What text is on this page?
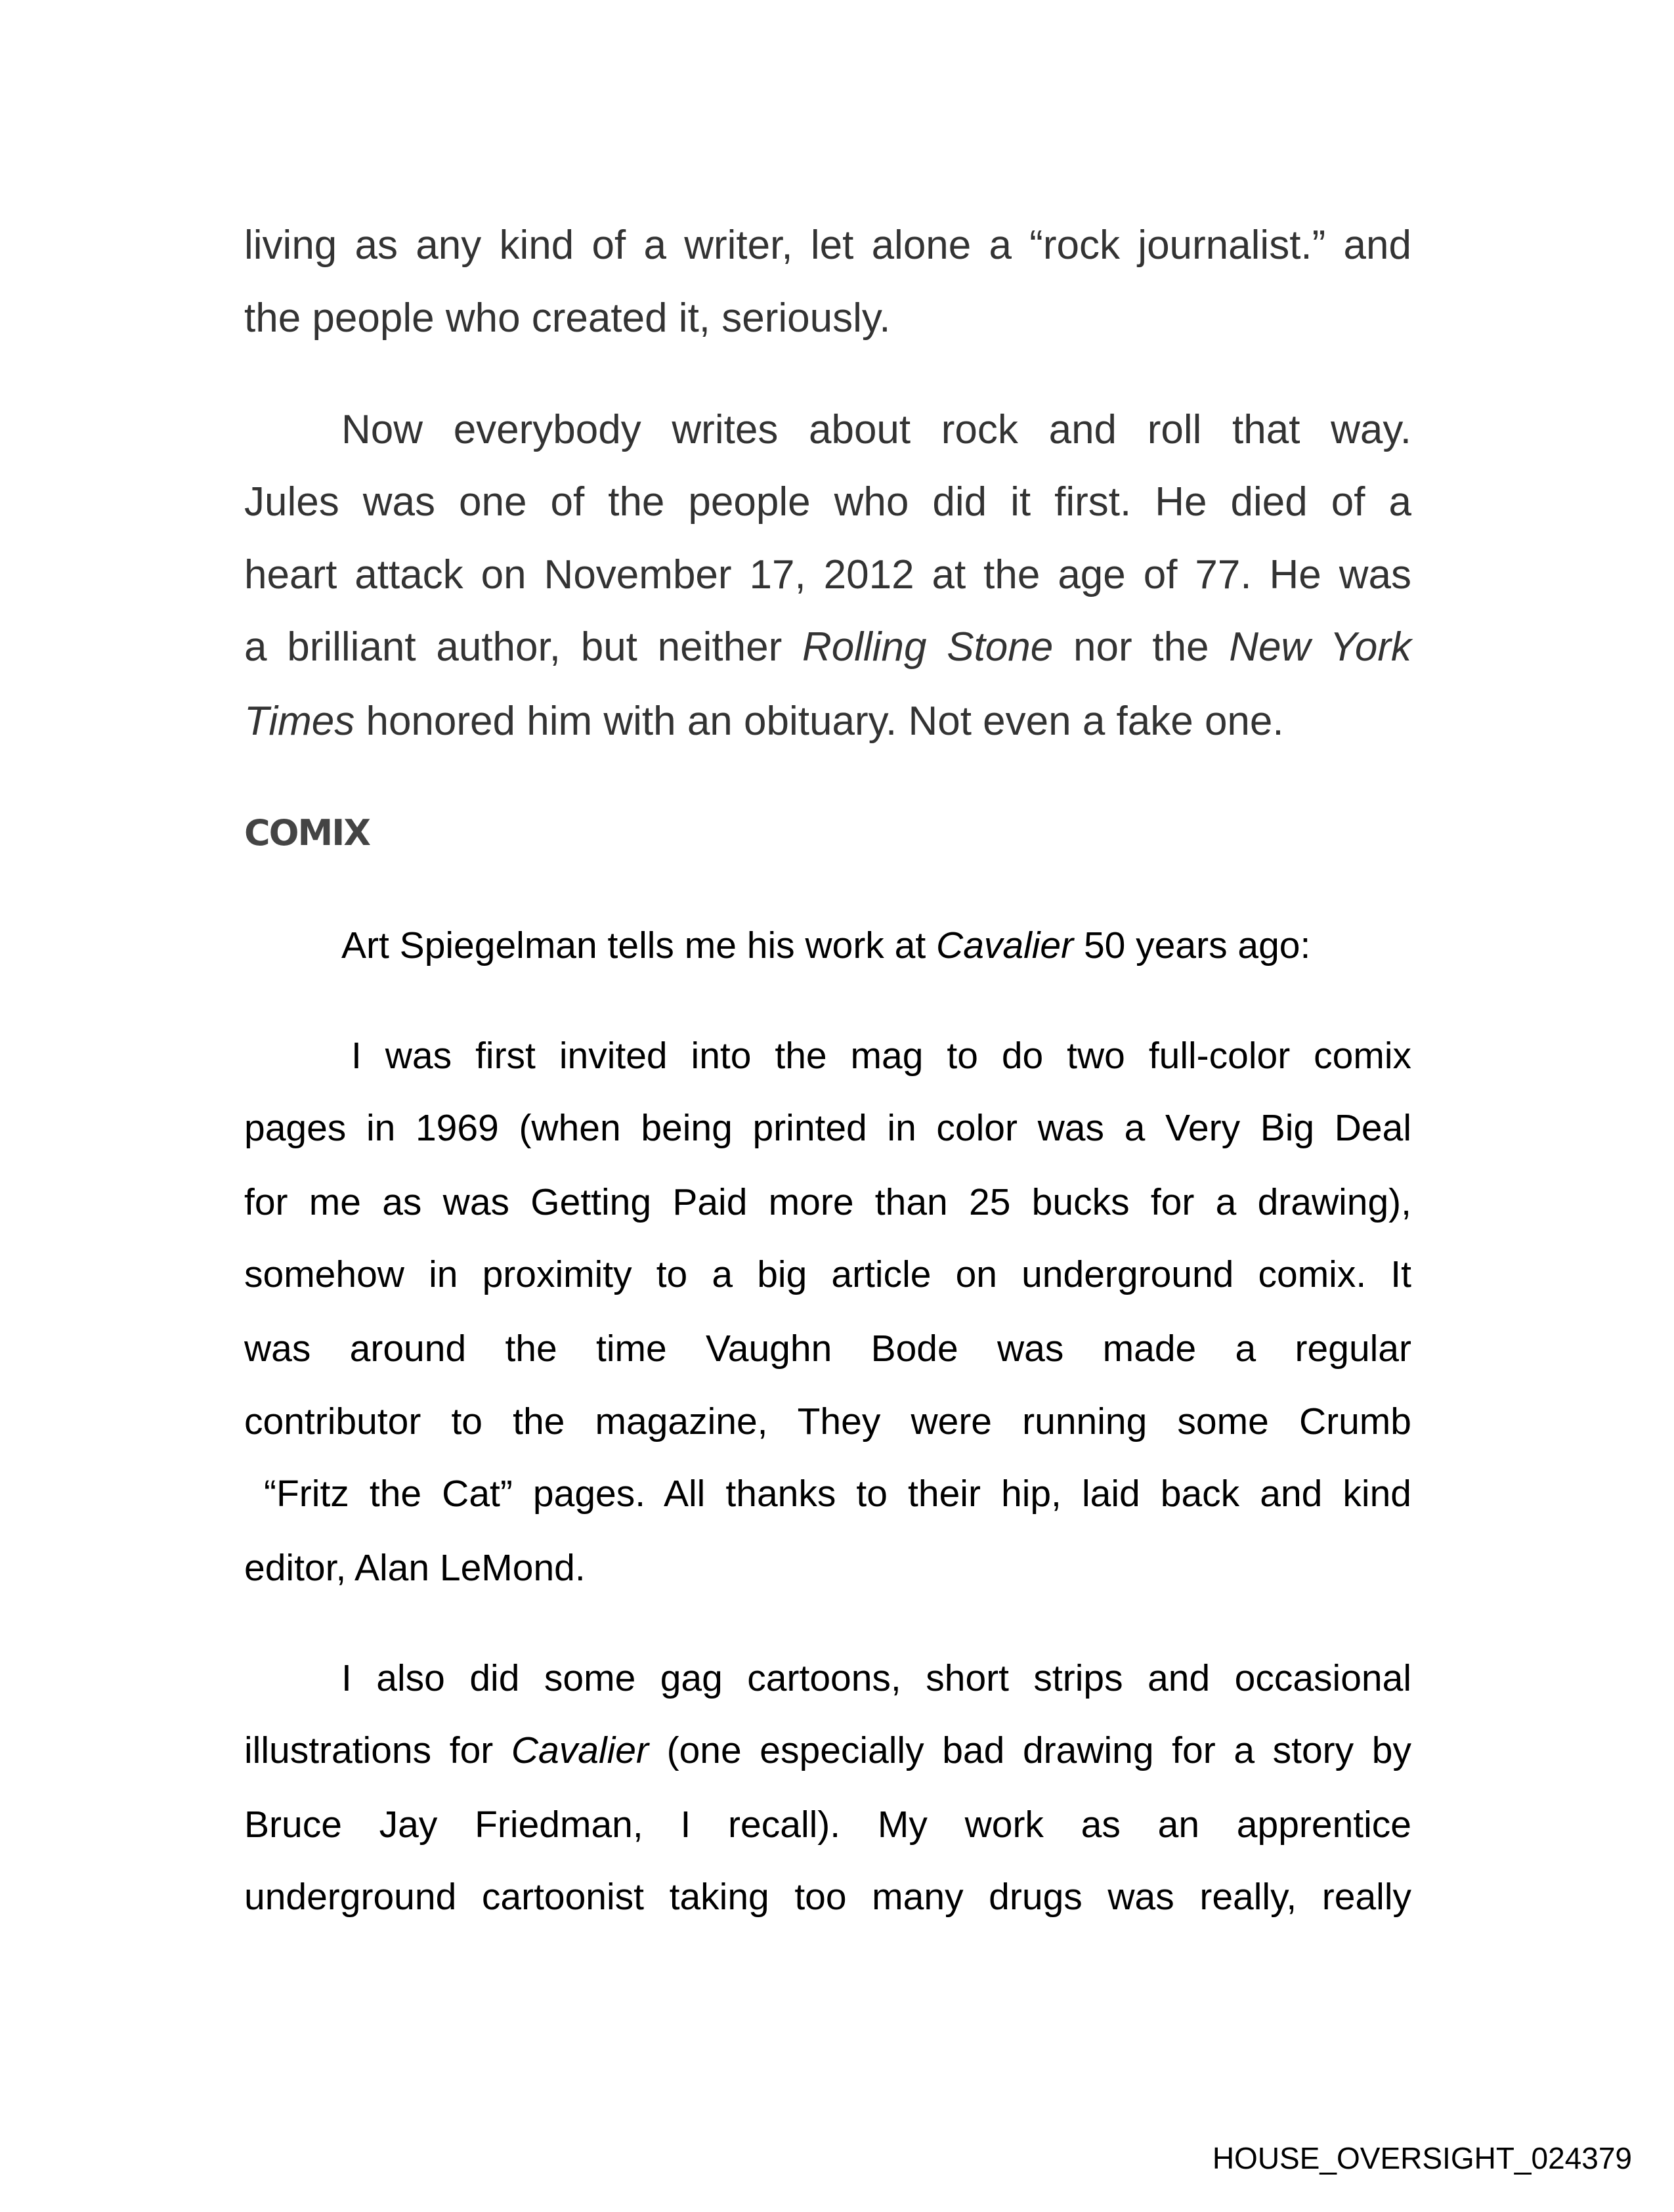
living as any kind of a writer, let alone a “rock journalist.” and
the people who created it, seriously.
Now everybody writes about rock and roll that way.
Jules was one of the people who did it first. He died of a
heart attack on November 17, 2012 at the age of 77. He was
a brilliant author, but neither Rolling Stone nor the New York
Times honored him with an obituary. Not even a fake one.
Art Spiegelman tells me his work at Cavalier 50 years ago:
I was first invited into the mag to do two full-color comix
pages in 1969 (when being printed in color was a Very Big Deal
for me as was Getting Paid more than 25 bucks for a drawing),
somehow in proximity to a big article on underground comix. It
was around the time Vaughn Bode was made a regular
contributor to the magazine, They were running some Crumb
“Fritz the Cat” pages. All thanks to their hip, laid back and kind
editor, Alan LeMond.
I also did some gag cartoons, short strips and occasional
illustrations for Cavalier (one especially bad drawing for a story by
Bruce Jay Friedman, I recall). My work as an apprentice
underground cartoonist taking too many drugs was really, really
COMIX
HOUSE_OVERSIGHT_024379
